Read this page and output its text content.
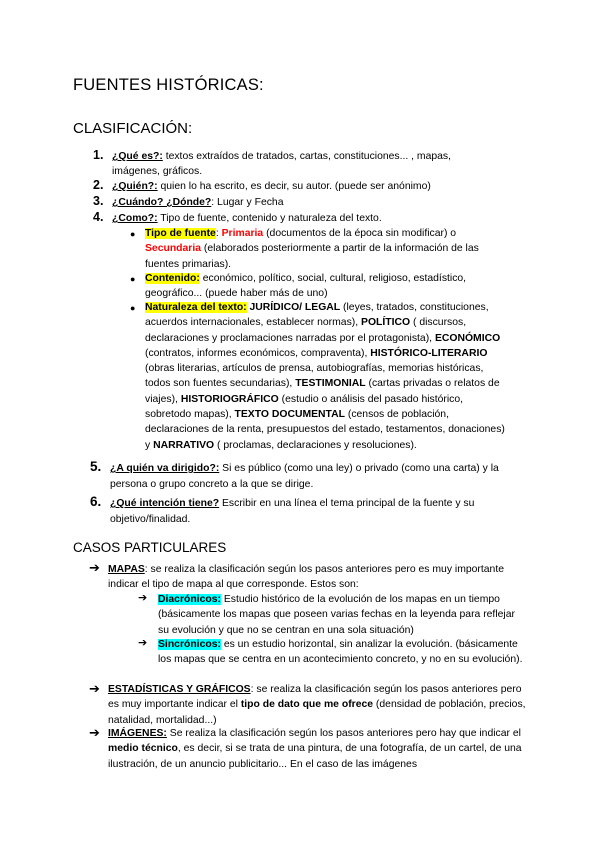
FUENTES HISTÓRICAS:
CLASIFICACIÓN:
1. ¿Qué es?: textos extraídos de tratados, cartas, constituciones... , mapas, imágenes, gráficos.
2. ¿Quién?: quien lo ha escrito, es decir, su autor. (puede ser anónimo)
3. ¿Cuándo? ¿Dónde?: Lugar y Fecha
4. ¿Como?: Tipo de fuente, contenido y naturaleza del texto.
● Tipo de fuente: Primaria (documentos de la época sin modificar) o
Secundaria (elaborados posteriormente a partir de la información de las fuentes primarias).
● Contenido: económico, político, social, cultural, religioso, estadístico, geográfico... (puede haber más de uno)
● Naturaleza del texto: JURÍDICO/ LEGAL (leyes, tratados, constituciones, acuerdos internacionales, establecer normas), POLÍTICO ( discursos, declaraciones y proclamaciones narradas por el protagonista), ECONÓMICO (contratos, informes económicos, compraventa), HISTÓRICO-LITERARIO (obras literarias, artículos de prensa, autobiografías, memorias históricas, todos son fuentes secundarias), TESTIMONIAL (cartas privadas o relatos de viajes), HISTORIOGRÁFICO (estudio o análisis del pasado histórico, sobretodo mapas), TEXTO DOCUMENTAL (censos de población, declaraciones de la renta, presupuestos del estado, testamentos, donaciones) y NARRATIVO ( proclamas, declaraciones y resoluciones).
5. ¿A quién va dirigido?: Si es público (como una ley) o privado (como una carta) y la persona o grupo concreto a la que se dirige.
6. ¿Qué intención tiene? Escribir en una línea el tema principal de la fuente y su objetivo/finalidad.
CASOS PARTICULARES
➔ MAPAS: se realiza la clasificación según los pasos anteriores pero es muy importante indicar el tipo de mapa al que corresponde. Estos son:
➔ Diacrónicos: Estudio histórico de la evolución de los mapas en un tiempo (básicamente los mapas que poseen varias fechas en la leyenda para reflejar su evolución y que no se centran en una sola situación)
➔ Sincrónicos: es un estudio horizontal, sin analizar la evolución. (básicamente los mapas que se centra en un acontecimiento concreto, y no en su evolución).
➔ ESTADÍSTICAS Y GRÁFICOS: se realiza la clasificación según los pasos anteriores pero es muy importante indicar el tipo de dato que me ofrece (densidad de población, precios, natalidad, mortalidad...)
➔ IMÁGENES: Se realiza la clasificación según los pasos anteriores pero hay que indicar el medio técnico, es decir, si se trata de una pintura, de una fotografía, de un cartel, de una ilustración, de un anuncio publicitario... En el caso de las imágenes
